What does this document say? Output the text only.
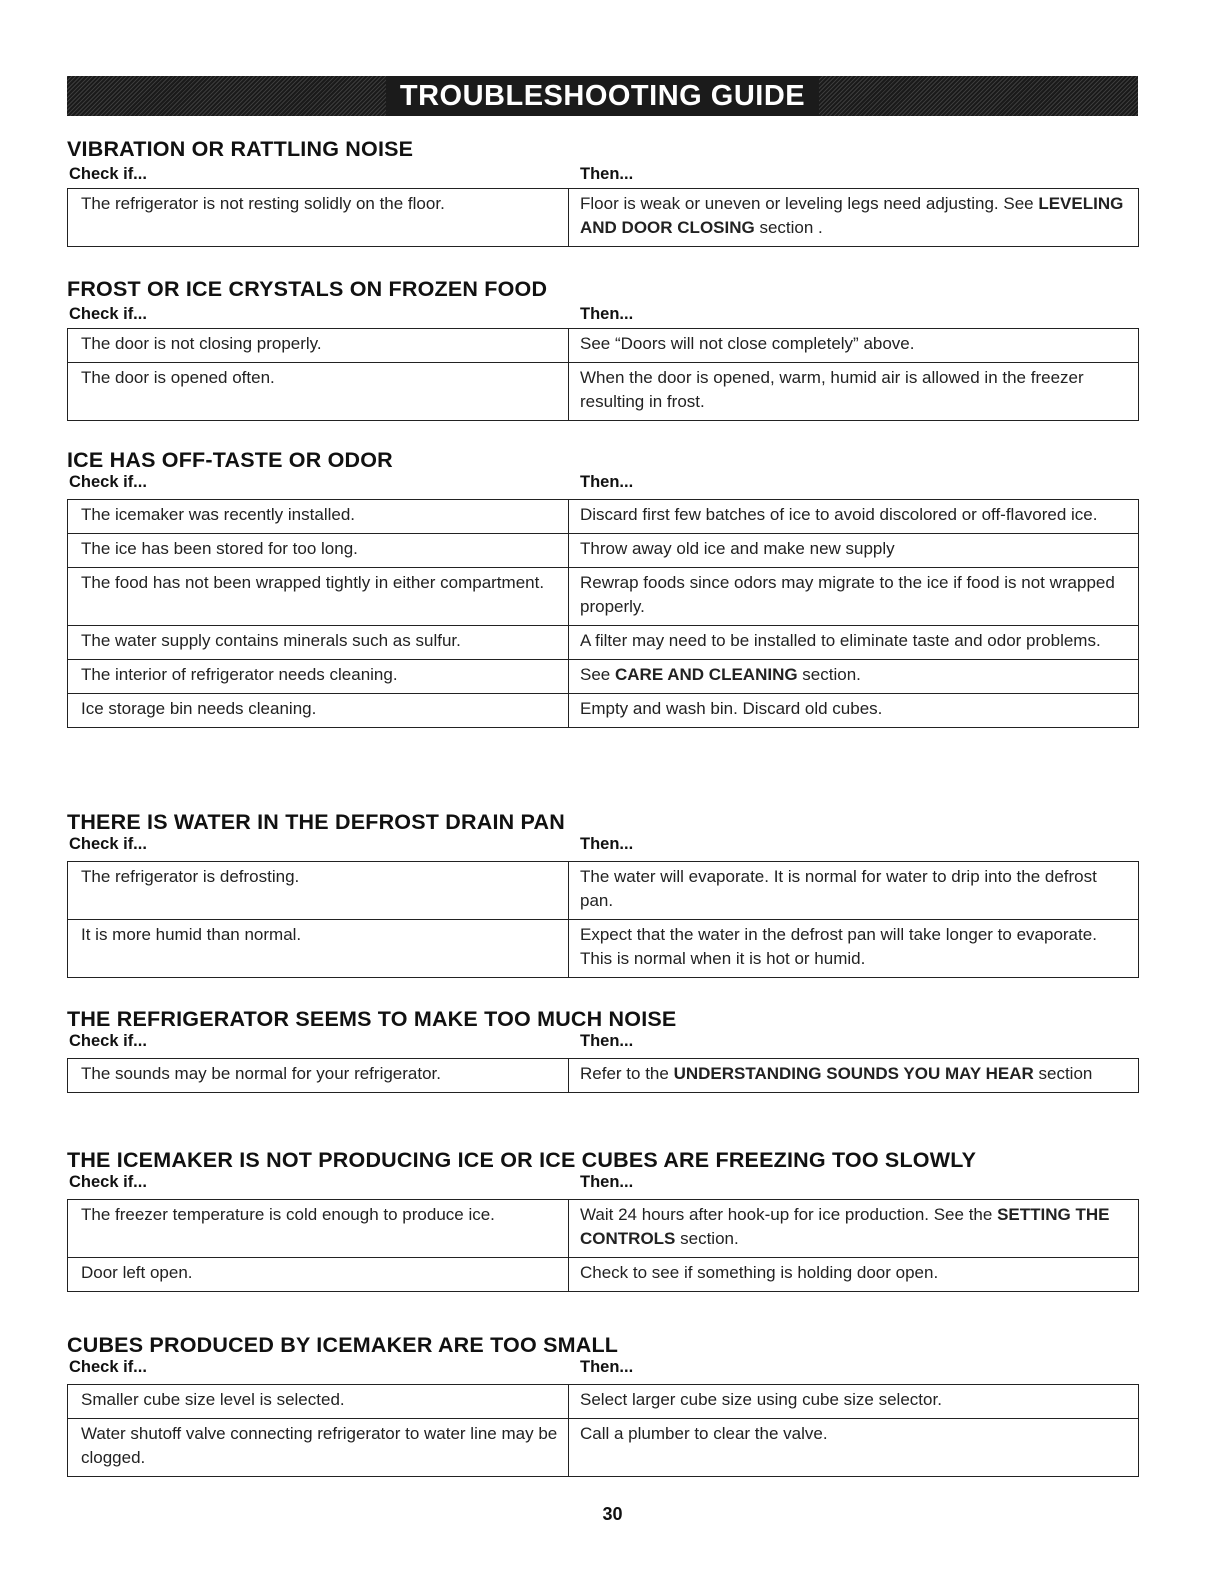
TROUBLESHOOTING GUIDE
VIBRATION OR RATTLING NOISE
Check if...	Then...
The refrigerator is not resting solidly on the floor.	Floor is weak or uneven or leveling legs need adjusting. See LEVELING AND DOOR CLOSING section .
FROST OR ICE CRYSTALS ON FROZEN FOOD
Check if...	Then...
The door is not closing properly.	See “Doors will not close completely” above.
The door is opened often.	When the door is opened, warm, humid air is allowed in the freezer resulting in frost.
ICE HAS OFF-TASTE OR ODOR
Check if...	Then...
The icemaker was recently installed.	Discard first few batches of ice to avoid discolored or off-flavored ice.
The ice has been stored for too long.	Throw away old ice and make new supply
The food has not been wrapped tightly in either compartment.	Rewrap foods since odors may migrate to the ice if food is not wrapped properly.
The water supply contains minerals such as sulfur.	A filter may need to be installed to eliminate taste and odor problems.
The interior of refrigerator needs cleaning.	See CARE AND CLEANING section.
Ice storage bin needs cleaning.	Empty and wash bin. Discard old cubes.
THERE IS WATER IN THE DEFROST DRAIN PAN
Check if...	Then...
The refrigerator is defrosting.	The water will evaporate. It is normal for water to drip into the defrost pan.
It is more humid than normal.	Expect that the water in the defrost pan will take longer to evaporate. This is normal when it is hot or humid.
THE REFRIGERATOR SEEMS TO MAKE TOO MUCH NOISE
Check if...	Then...
The sounds may be normal for your refrigerator.	Refer to the UNDERSTANDING SOUNDS YOU MAY HEAR section
THE ICEMAKER IS NOT PRODUCING ICE OR ICE CUBES ARE FREEZING TOO SLOWLY
Check if...	Then...
The freezer temperature is cold enough to produce ice.	Wait 24 hours after hook-up for ice production. See the SETTING THE CONTROLS section.
Door left open.	Check to see if something is holding door open.
CUBES PRODUCED BY ICEMAKER ARE TOO SMALL
Check if...	Then...
Smaller cube size level is selected.	Select larger cube size using cube size selector.
Water shutoff valve connecting refrigerator to water line may be clogged.	Call a plumber to clear the valve.
30
